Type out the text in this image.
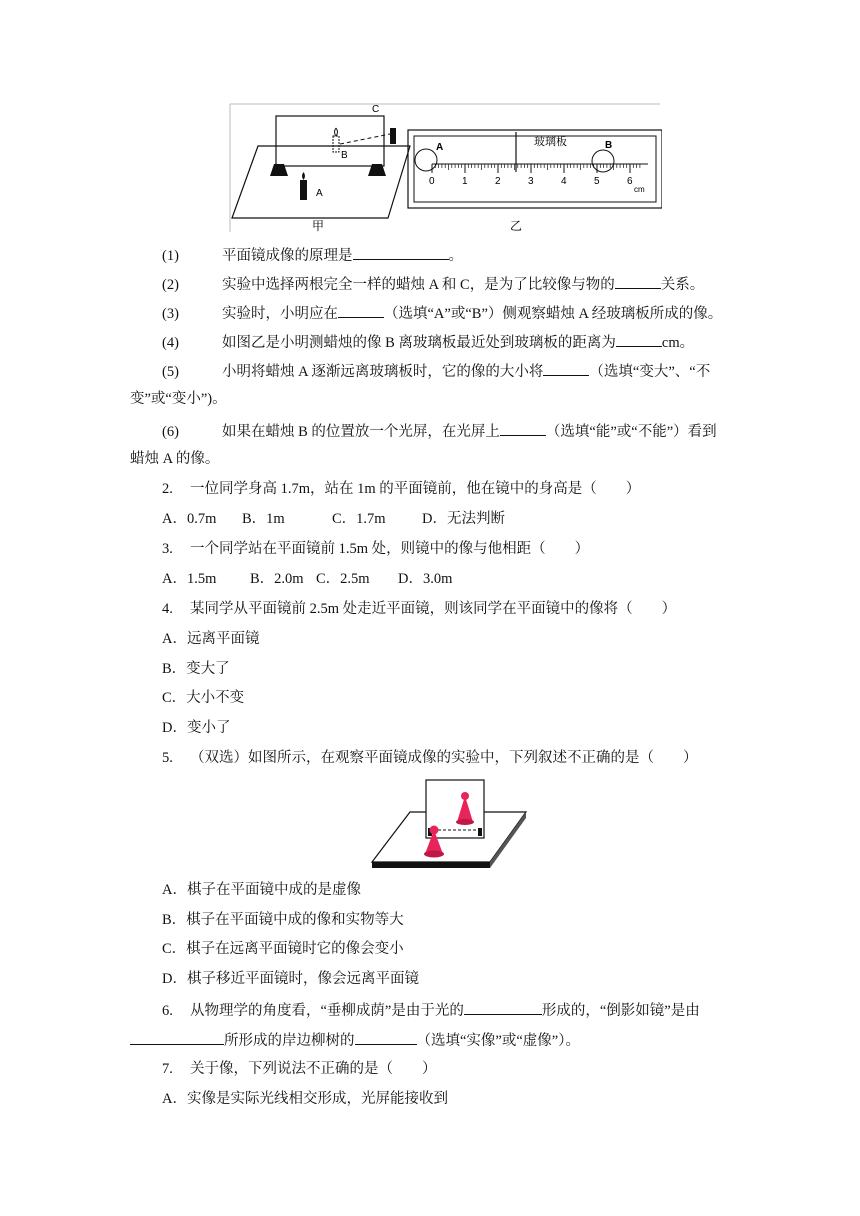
C
B
A
甲
0	1	2	3	4	5	6
玻璃板
A	B
cm
乙
(1)	平面镜成像的原理是	。
(2)	实验中选择两根完全一样的蜡烛 A 和 C，是为了比较像与物的	关系。
(3)	实验时，小明应在	（选填“A”或“B”）侧观察蜡烛 A 经玻璃板所成的像。
(4)	如图乙是小明测蜡烛的像 B 离玻璃板最近处到玻璃板的距离为	cm。
(5)	小明将蜡烛 A 逐渐远离玻璃板时，它的像的大小将	（选填“变大”、“不
变”或“变小”)。
(6)	如果在蜡烛 B 的位置放一个光屏，在光屏上	（选填“能”或“不能”）看到
蜡烛 A 的像。
2. 一位同学身高 1.7m，站在 1m 的平面镜前，他在镜中的身高是（　　）
A．0.7m B．1m	C．1.7m	D．无法判断
3. 一个同学站在平面镜前 1.5m 处，则镜中的像与他相距（　　）
A．1.5m B．2.0m C．2.5m D．3.0m
4. 某同学从平面镜前 2.5m 处走近平面镜，则该同学在平面镜中的像将（　　）
A．远离平面镜
B．变大了
C．大小不变
D．变小了
5. （双选）如图所示，在观察平面镜成像的实验中，下列叙述不正确的是（　　）
A．棋子在平面镜中成的是虚像
B．棋子在平面镜中成的像和实物等大
C．棋子在远离平面镜时它的像会变小
D．棋子移近平面镜时，像会远离平面镜
6. 从物理学的角度看，“垂柳成荫”是由于光的	形成的，“倒影如镜”是由
所形成的岸边柳树的	（选填“实像”或“虚像”）。
7. 关于像，下列说法不正确的是（　　）
A．实像是实际光线相交形成，光屏能接收到
